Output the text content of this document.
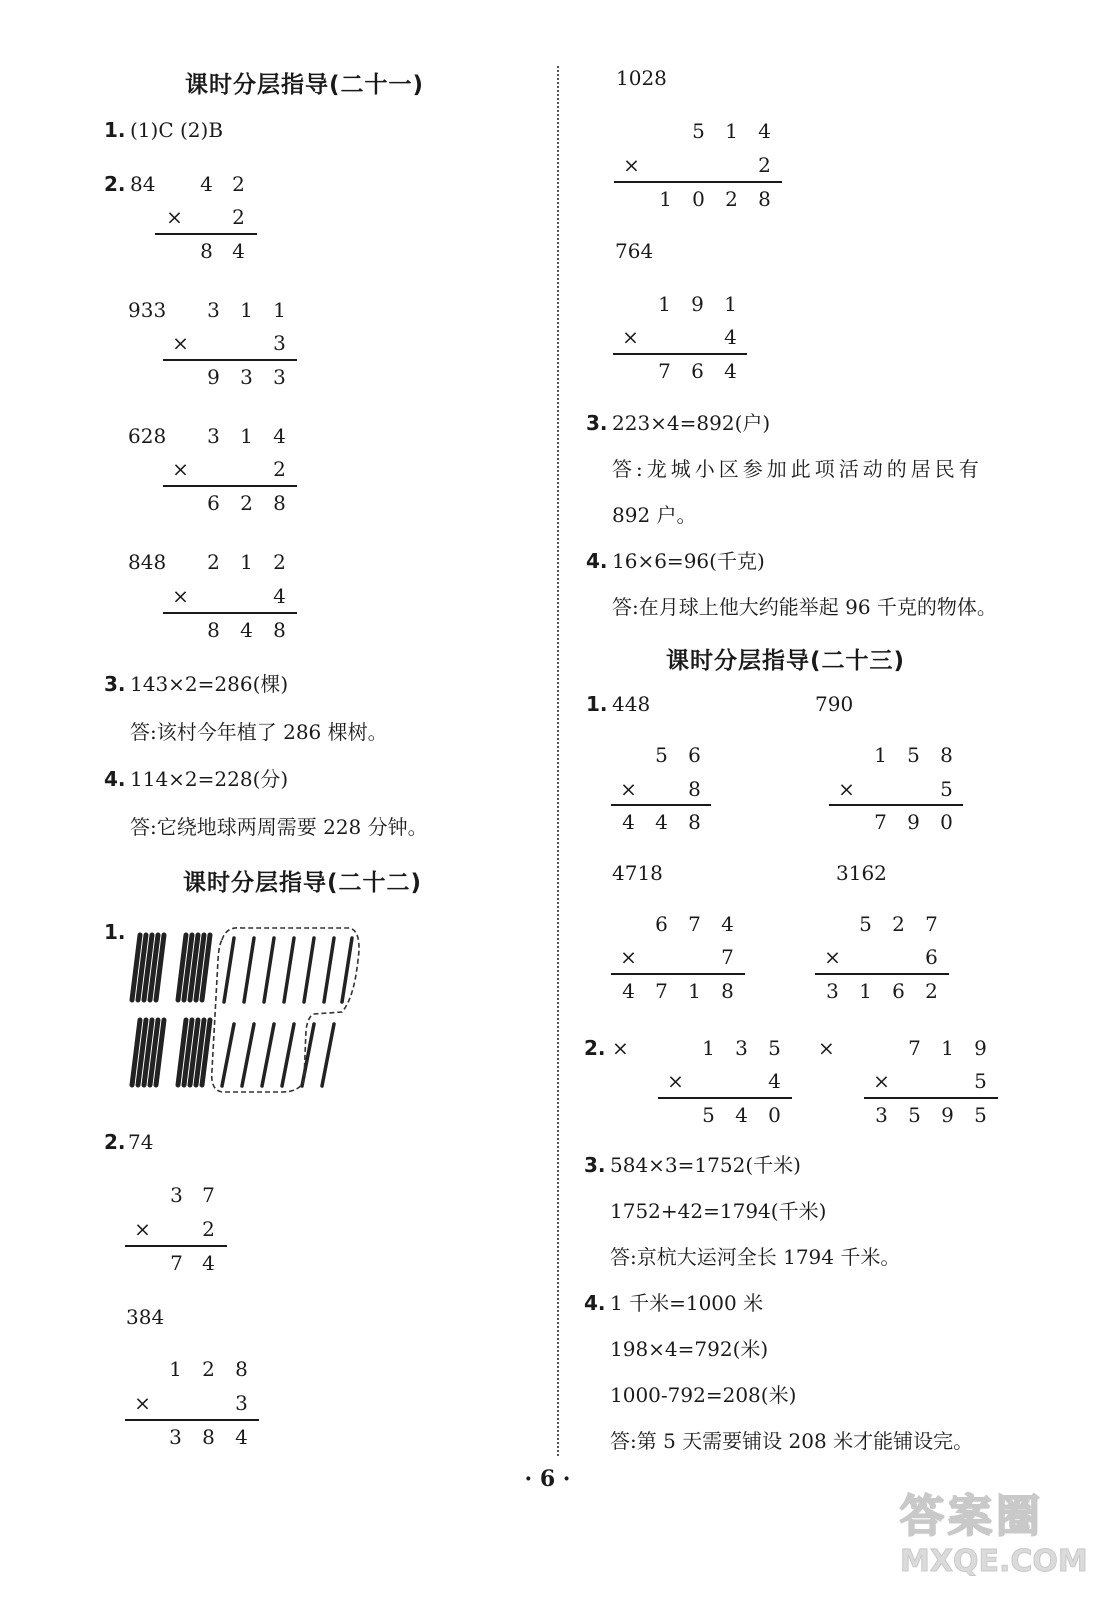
课时分层指导(二十一)
1. (1)C (2)B
2. 84	4 2
×	2
8 4
933	3	1	1
×	3
9	3	3
628	3	1	4
×	2
6	2	8
848	2	1	2
×	4
8	4	8
3. 143×2=286(棵)
答:该村今年植了 286 棵树。
4. 114×2=228(分)
答:它绕地球两周需要 228 分钟。
课时分层指导(二十二)
1.
2. 74
3 7
×	2
7 4
384
1	2	8
×	3
3	8	4
1028
5	1	4
×	2
1	0	2	8
764
1	9	1
×	4
7	6	4
3. 223×4=892(户)
答:龙城小区参加此项活动的居民有
892 户。
4. 16×6=96(千克)
答:在月球上他大约能举起 96 千克的物体。
课时分层指导(二十三)
1. 448
5	6
×	8
4	4	8
790
1	5	8
×	5
7	9	0
4718
6	7	4
×	7
4	7	1	8
3162
5	2	7
×	6
3	1	6	2
2. ×	1	3	5
×	4
5	4	0
×	7	1	9
×	5
3	5	9	5
3. 584×3=1752(千米)
1752+42=1794(千米)
答:京杭大运河全长 1794 千米。
4. 1 千米=1000 米
198×4=792(米)
1000-792=208(米)
答:第 5 天需要铺设 208 米才能铺设完。
· 6 ·
答案圈
MXQE.COM
